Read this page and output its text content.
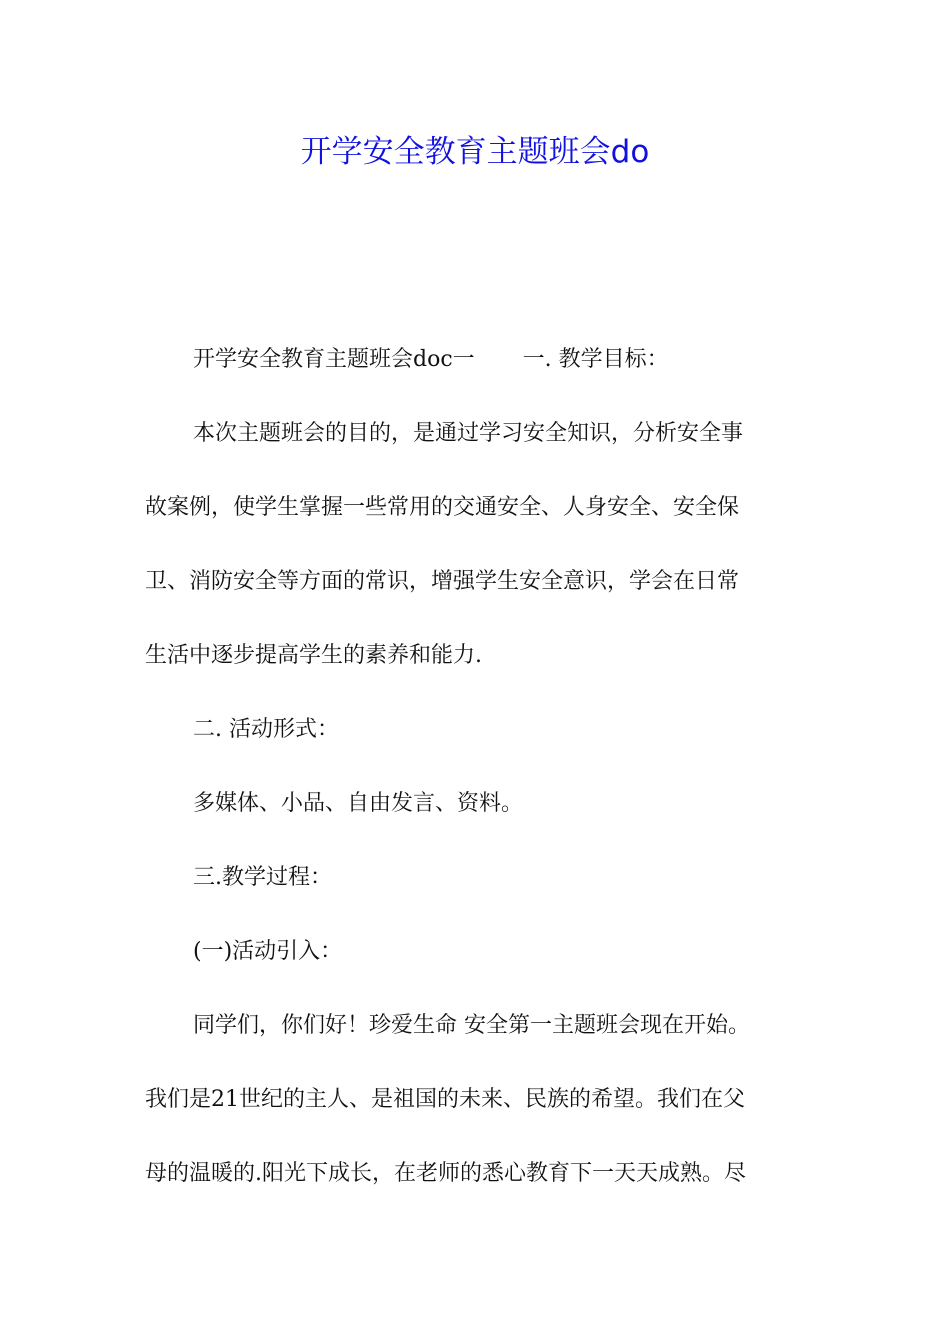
开学安全教育主题班会do
开学安全教育主题班会doc一 一. 教学目标：
本次主题班会的目的，是通过学习安全知识，分析安全事
故案例，使学生掌握一些常用的交通安全、人身安全、安全保
卫、消防安全等方面的常识，增强学生安全意识，学会在日常
生活中逐步提高学生的素养和能力.
二. 活动形式：
多媒体、小品、自由发言、资料。
三.教学过程：
(一)活动引入：
同学们，你们好！珍爱生命 安全第一主题班会现在开始。
我们是21世纪的主人、是祖国的未来、民族的希望。我们在父
母的温暖的.阳光下成长，在老师的悉心教育下一天天成熟。尽
